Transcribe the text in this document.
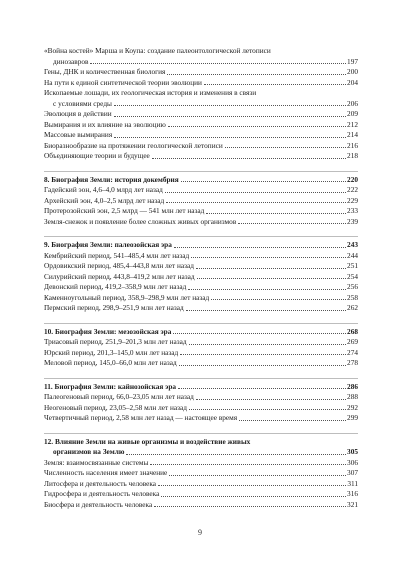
«Война костей» Марша и Коупа: создание палеонтологической летописи
динозавров	197
Гены, ДНК и количественная биология	200
На пути к единой синтетической теории эволюции	204
Ископаемые лошади, их геологическая история и изменения в связи
с условиями среды	206
Эволюция в действии	209
Вымирания и их влияние на эволюцию	212
Массовые вымирания	214
Биоразнообразие на протяжении геологической летописи	216
Объединяющие теории и будущее	218
8. Биография Земли: история докембрия	220
Гадейский эон, 4,6–4,0 млрд лет назад	222
Архейский эон, 4,0–2,5 млрд лет назад	229
Протерозойский эон, 2,5 млрд — 541 млн лет назад	233
Земля-снежок и появление более сложных живых организмов	239
9. Биография Земли: палеозойская эра	243
Кембрийский период, 541–485,4 млн лет назад	244
Ордовикский период, 485,4–443,8 млн лет назад	251
Силурийский период, 443,8–419,2 млн лет назад	254
Девонский период, 419,2–358,9 млн лет назад	256
Каменноугольный период, 358,9–298,9 млн лет назад	258
Пермский период, 298,9–251,9 млн лет назад	262
10. Биография Земли: мезозойская эра	268
Триасовый период, 251,9–201,3 млн лет назад	269
Юрский период, 201,3–145,0 млн лет назад	274
Меловой период, 145,0–66,0 млн лет назад	278
11. Биография Земли: кайнозойская эра	286
Палеогеновый период, 66,0–23,05 млн лет назад	288
Неогеновый период, 23,05–2,58 млн лет назад	292
Четвертичный период, 2,58 млн лет назад — настоящее время	299
12. Влияние Земли на живые организмы и воздействие живых
организмов на Землю	305
Земля: взаимосвязанные системы	306
Численность населения имеет значение	307
Литосфера и деятельность человека	311
Гидросфера и деятельность человека	316
Биосфера и деятельность человека	321
9
